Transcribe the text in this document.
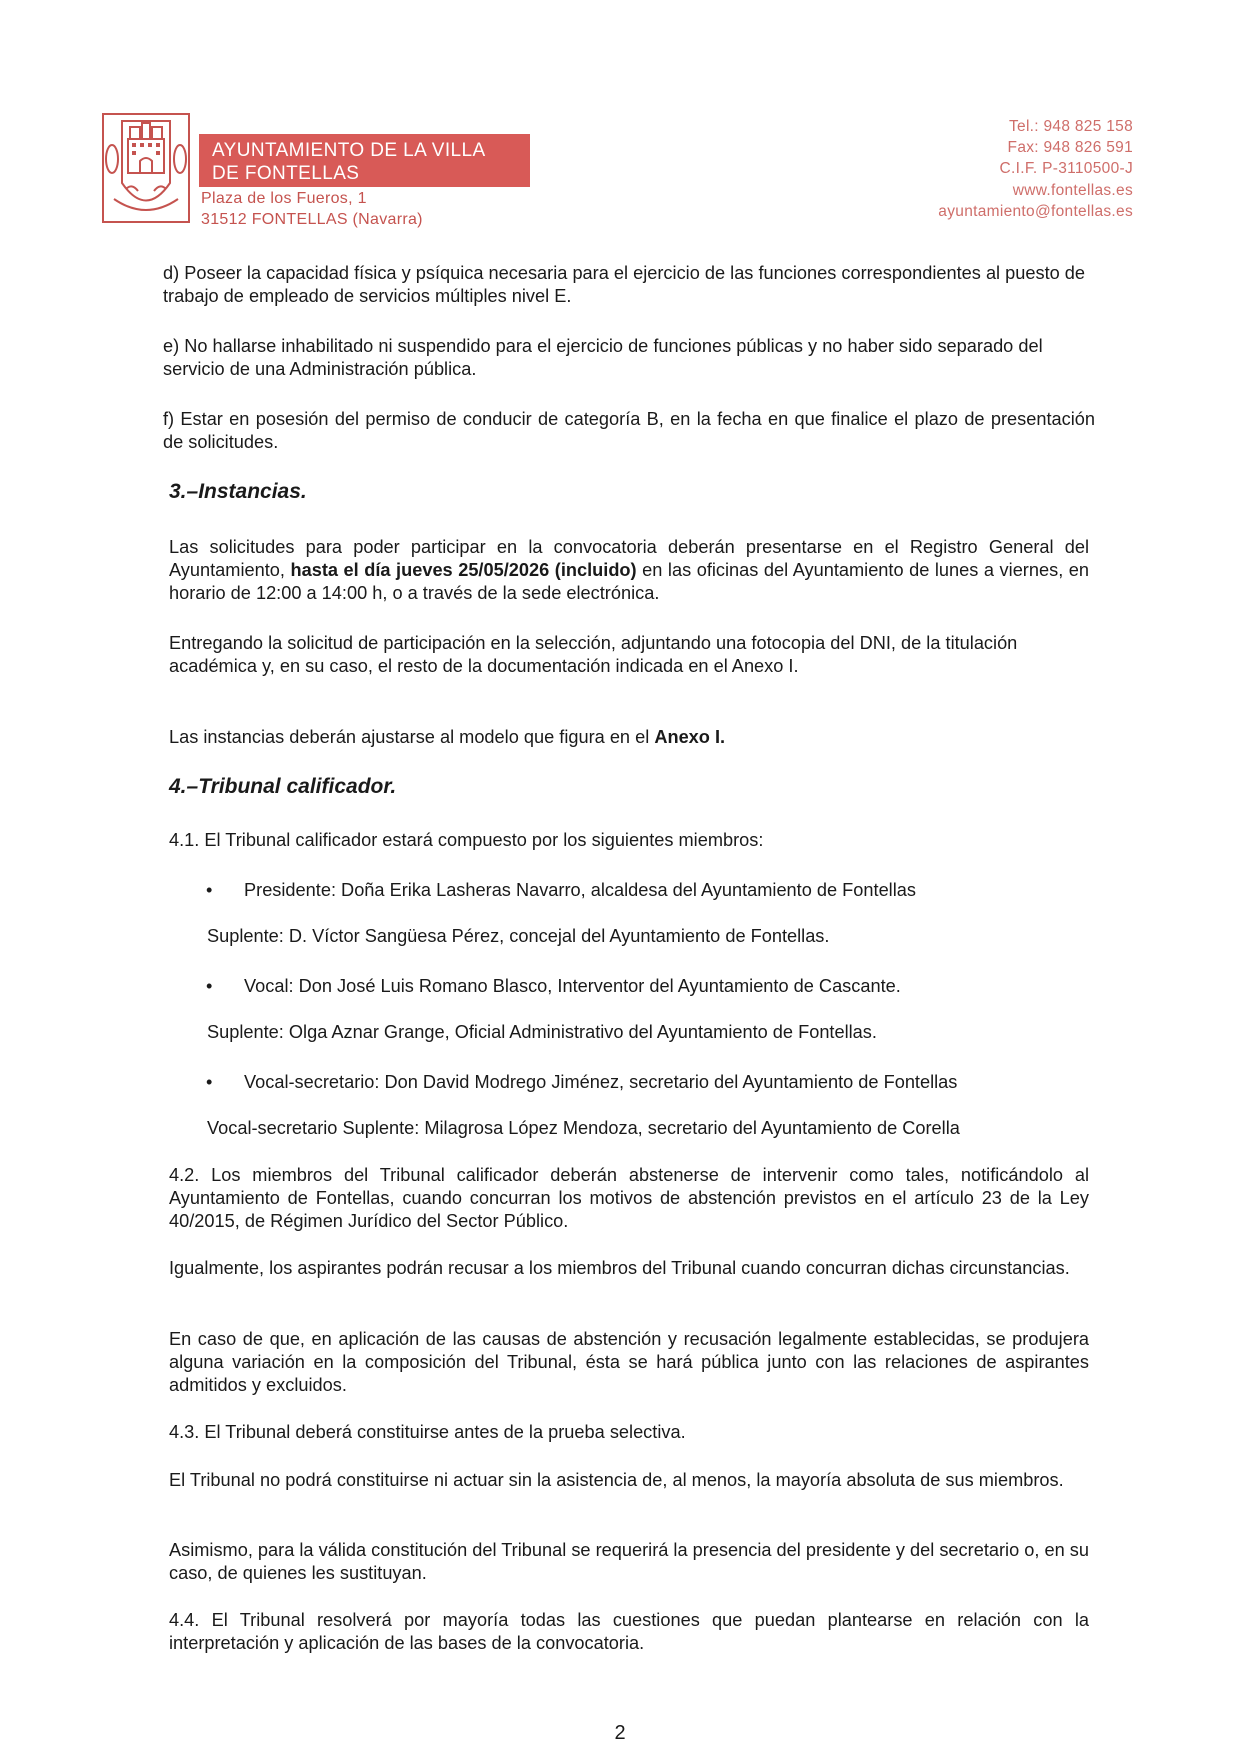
AYUNTAMIENTO DE LA VILLA
DE FONTELLAS
Plaza de los Fueros, 1
31512 FONTELLAS (Navarra)
Tel.: 948 825 158
Fax: 948 826 591
C.I.F. P-3110500-J
www.fontellas.es
ayuntamiento@fontellas.es

d) Poseer la capacidad física y psíquica necesaria para el ejercicio de las funciones correspondientes al puesto de trabajo de empleado de servicios múltiples nivel E.

e) No hallarse inhabilitado ni suspendido para el ejercicio de funciones públicas y no haber sido separado del servicio de una Administración pública.

f) Estar en posesión del permiso de conducir de categoría B, en la fecha en que finalice el plazo de presentación de solicitudes.

3.–Instancias.

Las solicitudes para poder participar en la convocatoria deberán presentarse en el Registro General del Ayuntamiento, hasta el día jueves 25/05/2026 (incluido) en las oficinas del Ayuntamiento de lunes a viernes, en horario de 12:00 a 14:00 h, o a través de la sede electrónica.

Entregando la solicitud de participación en la selección, adjuntando una fotocopia del DNI, de la titulación académica y, en su caso, el resto de la documentación indicada en el Anexo I.

Las instancias deberán ajustarse al modelo que figura en el Anexo I.

4.–Tribunal calificador.

4.1. El Tribunal calificador estará compuesto por los siguientes miembros:

• Presidente: Doña Erika Lasheras Navarro, alcaldesa del Ayuntamiento de Fontellas
Suplente: D. Víctor Sangüesa Pérez, concejal del Ayuntamiento de Fontellas.
• Vocal: Don José Luis Romano Blasco, Interventor del Ayuntamiento de Cascante.
Suplente: Olga Aznar Grange, Oficial Administrativo del Ayuntamiento de Fontellas.
• Vocal-secretario: Don David Modrego Jiménez, secretario del Ayuntamiento de Fontellas
Vocal-secretario Suplente: Milagrosa López Mendoza, secretario del Ayuntamiento de Corella

4.2. Los miembros del Tribunal calificador deberán abstenerse de intervenir como tales, notificándolo al Ayuntamiento de Fontellas, cuando concurran los motivos de abstención previstos en el artículo 23 de la Ley 40/2015, de Régimen Jurídico del Sector Público.

Igualmente, los aspirantes podrán recusar a los miembros del Tribunal cuando concurran dichas circunstancias.

En caso de que, en aplicación de las causas de abstención y recusación legalmente establecidas, se produjera alguna variación en la composición del Tribunal, ésta se hará pública junto con las relaciones de aspirantes admitidos y excluidos.

4.3. El Tribunal deberá constituirse antes de la prueba selectiva.

El Tribunal no podrá constituirse ni actuar sin la asistencia de, al menos, la mayoría absoluta de sus miembros.

Asimismo, para la válida constitución del Tribunal se requerirá la presencia del presidente y del secretario o, en su caso, de quienes les sustituyan.

4.4. El Tribunal resolverá por mayoría todas las cuestiones que puedan plantearse en relación con la interpretación y aplicación de las bases de la convocatoria.

2
